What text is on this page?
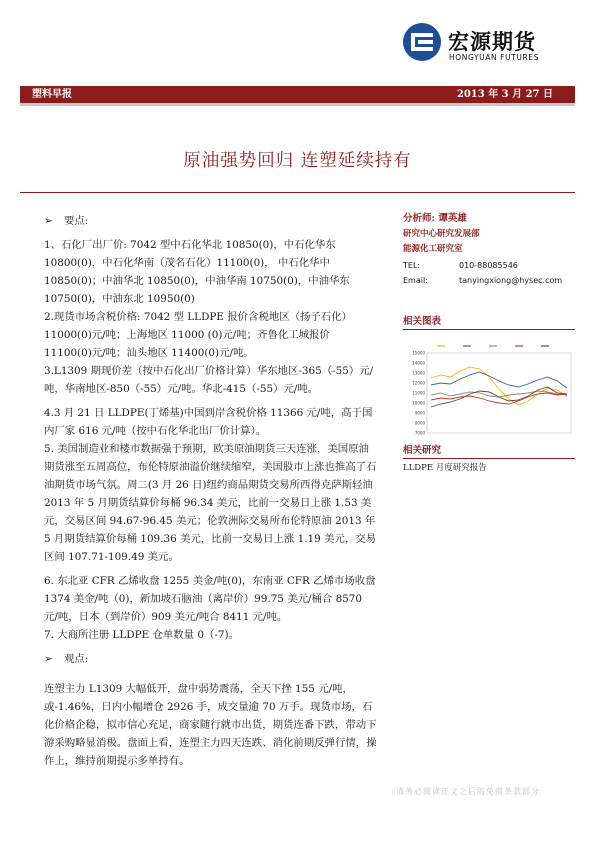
宏源期货
HONGYUAN FUTURES
塑料早报	2013 年 3 月 27 日
原油强势回归 连塑延续持有

➢ 要点:

1、石化厂出厂价: 7042 型中石化华北 10850(0)，中石化华东 10800(0)，中石化华南（茂名石化）11100(0)， 中石化华中 10850(0)；中油华北 10850(0)，中油华南 10750(0)，中油华东 10750(0)，中油东北 10950(0)

2.现货市场含税价格: 7042 型 LLDPE 报价含税地区（扬子石化）11000(0)元/吨；上海地区 11000 (0)元/吨；齐鲁化工城报价 11100(0)元/吨；汕头地区 11400(0)元/吨。

3.L1309 期现价差（按中石化出厂价格计算）华东地区-365（-55）元/吨，华南地区-850（-55）元/吨。华北-415（-55）元/吨。

4.3 月 21 日 LLDPE(丁烯基)中国到岸含税价格 11366 元/吨，高于国内厂家 616 元/吨（按中石化华北出厂价计算）。

5. 美国制造业和楼市数据强于预期，欧美原油期货三天连涨，美国原油期货涨至五周高位，布伦特原油溢价继续缩窄，美国股市上涨也推高了石油期货市场气氛。周二(3 月 26 日)纽约商品期货交易所西得克萨斯轻油 2013 年 5 月期货结算价每桶 96.34 美元，比前一交易日上涨 1.53 美元，交易区间 94.67-96.45 美元；伦敦洲际交易所布伦特原油 2013 年 5 月期货结算价每桶 109.36 美元，比前一交易日上涨 1.19 美元，交易区间 107.71-109.49 美元。

6. 东北亚 CFR 乙烯收盘 1255 美金/吨(0)，东南亚 CFR 乙烯市场收盘 1374 美金/吨（0)，新加坡石脑油（离岸价）99.75 美元/桶合 8570 元/吨，日本（到岸价）909 美元/吨合 8411 元/吨。

7. 大商所注册 LLDPE 仓单数量 0（-7)。

➢ 观点:

连塑主力 L1309 大幅低开，盘中弱势震荡，全天下挫 155 元/吨，或-1.46%，日内小幅增仓 2926 手，成交量逾 70 万手。现货市场，石化价格企稳，拟市信心充足，商家随行就市出货，期货连番下跌，带动下游采购略显消极。盘面上看，连塑主力四天连跌、消化前期反弹行情，操作上，维持前期提示多单持有。

分析师: 谭英雄
研究中心研究发展部
能源化工研究室
TEL:	010-88085546
Email:	tanyingxiong@hysec.com
相关图表
15000
14000
13000
12000
11000
10000
9000
8000
7000
相关研究
LLDPE 月度研究报告
请务必阅读正文之后的免责条款部分
